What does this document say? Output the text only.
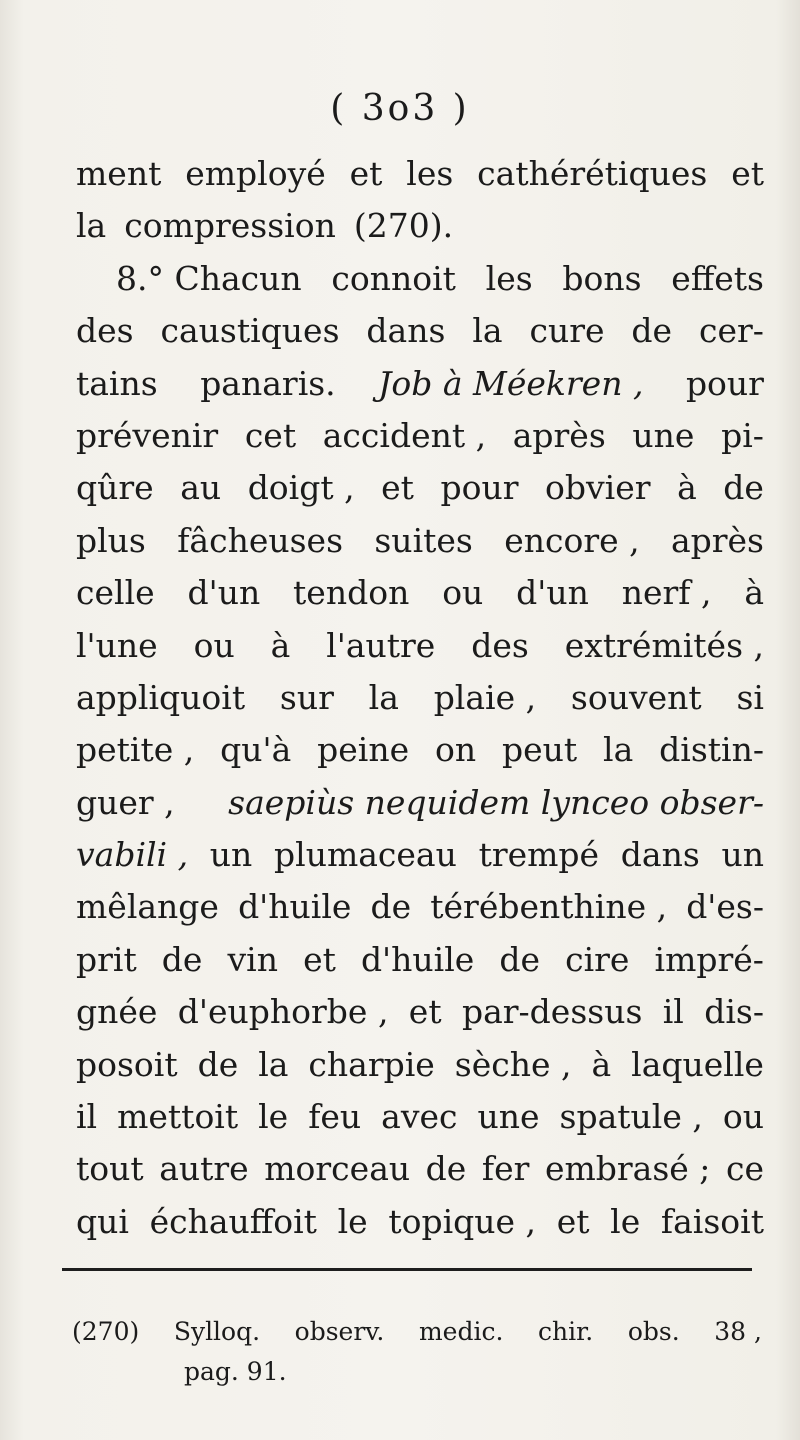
( 3o3 )
ment employé et les cathérétiques et
la compression (270).
8.° Chacun connoit les bons effets
des caustiques dans la cure de cer-
tains panaris. Job à Méekren , pour
prévenir cet accident , après une pi-
qûre au doigt , et pour obvier à de
plus fâcheuses suites encore , après
celle d'un tendon ou d'un nerf , à
l'une ou à l'autre des extrémités ,
appliquoit sur la plaie , souvent si
petite , qu'à peine on peut la distin-
guer , saepiùs nequidem lynceo obser-
vabili , un plumaceau trempé dans un
mêlange d'huile de térébenthine , d'es-
prit de vin et d'huile de cire impré-
gnée d'euphorbe , et par-dessus il dis-
posoit de la charpie sèche , à laquelle
il mettoit le feu avec une spatule , ou
tout autre morceau de fer embrasé ; ce
qui échauffoit le topique , et le faisoit
(270) Sylloq. observ. medic. chir. obs. 38 ,
pag. 91.
